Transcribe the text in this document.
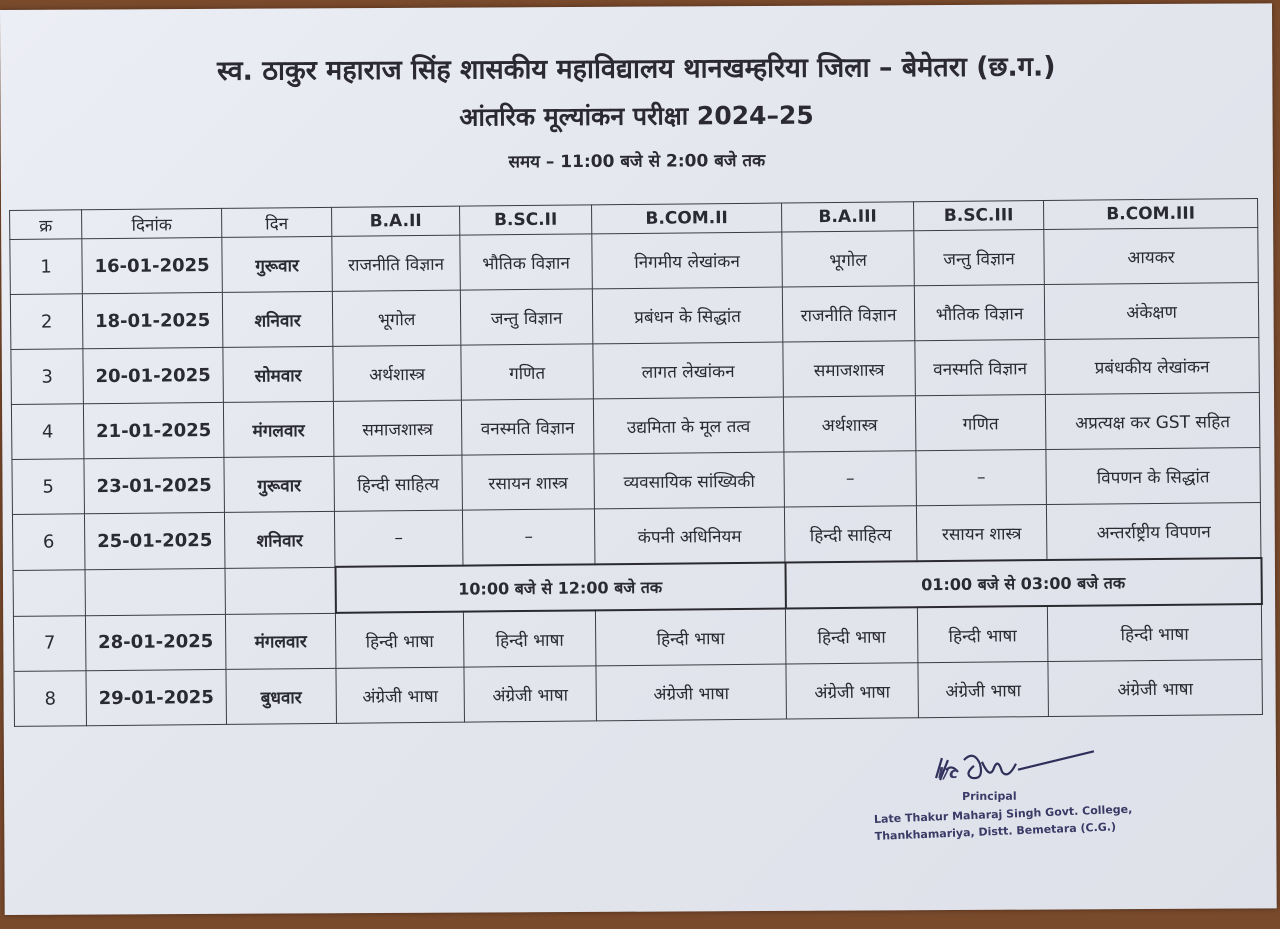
स्व. ठाकुर महाराज सिंह शासकीय महाविद्यालय थानखम्हरिया जिला – बेमेतरा (छ.ग.)
आंतरिक मूल्यांकन परीक्षा 2024–25
समय – 11:00 बजे से 2:00 बजे तक
क्र	दिनांक	दिन	B.A.II	B.SC.II	B.COM.II	B.A.III	B.SC.III	B.COM.III
1	16-01-2025	गुरूवार	राजनीति विज्ञान	भौतिक विज्ञान	निगमीय लेखांकन	भूगोल	जन्तु विज्ञान	आयकर
2	18-01-2025	शनिवार	भूगोल	जन्तु विज्ञान	प्रबंधन के सिद्धांत	राजनीति विज्ञान	भौतिक विज्ञान	अंकेक्षण
3	20-01-2025	सोमवार	अर्थशास्त्र	गणित	लागत लेखांकन	समाजशास्त्र	वनस्मति विज्ञान	प्रबंधकीय लेखांकन
4	21-01-2025	मंगलवार	समाजशास्त्र	वनस्मति विज्ञान	उद्यमिता के मूल तत्व	अर्थशास्त्र	गणित	अप्रत्यक्ष कर GST सहित
5	23-01-2025	गुरूवार	हिन्दी साहित्य	रसायन शास्त्र	व्यवसायिक सांख्यिकी	–	–	विपणन के सिद्धांत
6	25-01-2025	शनिवार	–	–	कंपनी अधिनियम	हिन्दी साहित्य	रसायन शास्त्र	अन्तर्राष्ट्रीय विपणन
			10:00 बजे से 12:00 बजे तक			01:00 बजे से 03:00 बजे तक		
7	28-01-2025	मंगलवार	हिन्दी भाषा	हिन्दी भाषा	हिन्दी भाषा	हिन्दी भाषा	हिन्दी भाषा	हिन्दी भाषा
8	29-01-2025	बुधवार	अंग्रेजी भाषा	अंग्रेजी भाषा	अंग्रेजी भाषा	अंग्रेजी भाषा	अंग्रेजी भाषा	अंग्रेजी भाषा
I/c
Principal
Late Thakur Maharaj Singh Govt. College,
Thankhamariya, Distt. Bemetara (C.G.)
